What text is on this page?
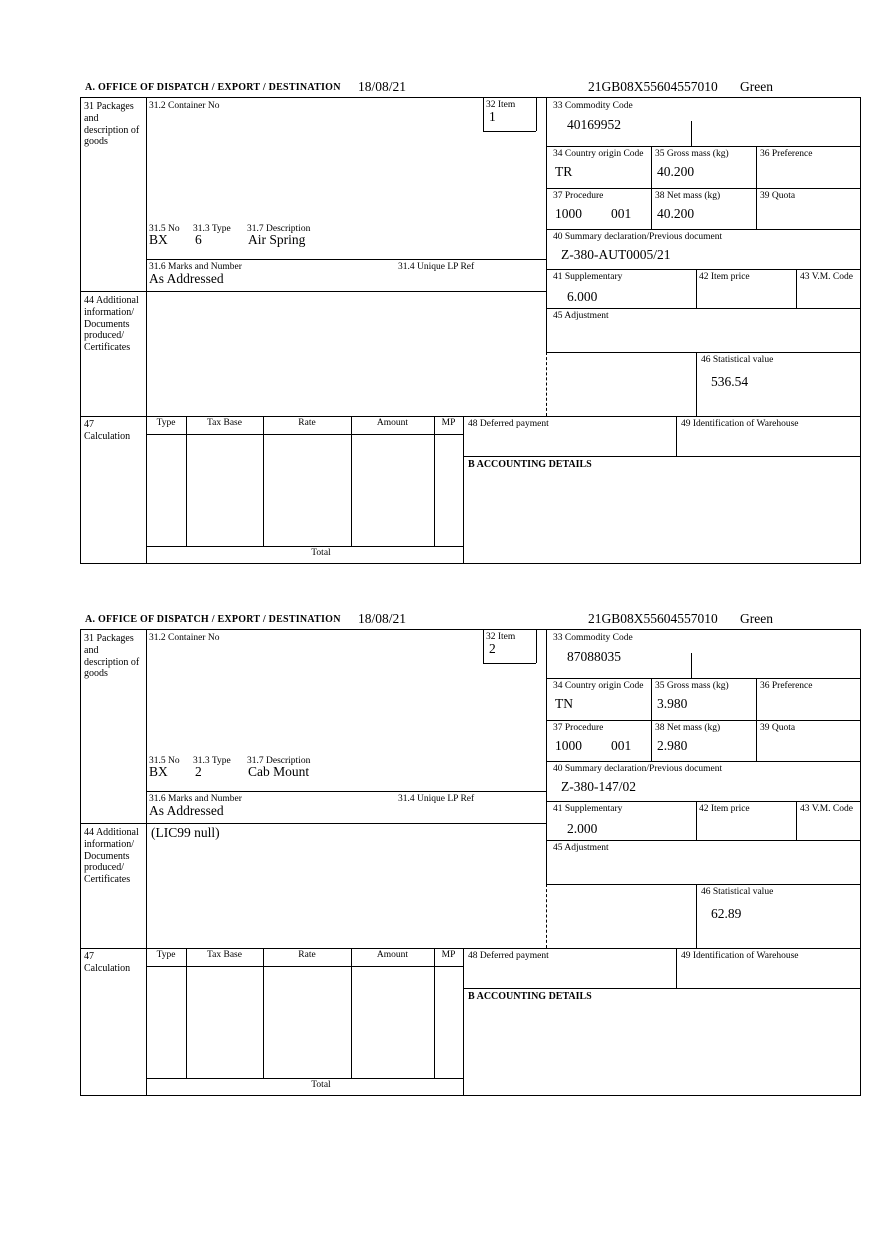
A. OFFICE OF DISPATCH / EXPORT / DESTINATION 18/08/21	21GB08X55604557010 Green
31 Packages and description of goods
31.2 Container No	32 Item
1
33 Commodity Code
40169952
34 Country origin Code
TR
35 Gross mass (kg)
40.200
36 Preference
37 Procedure
1000 001
38 Net mass (kg)
40.200
39 Quota
40 Summary declaration/Previous document
Z-380-AUT0005/21
31.5 No 31.3 Type 31.7 Description
BX 6	Air Spring
31.6 Marks and Number	31.4 Unique LP Ref
As Addressed	41 Supplementary
6.000
42 Item price	43 V.M. Code
44 Additional information/ Documents produced/ Certificates
45 Adjustment
46 Statistical value
536.54
47 Calculation
Type	Tax Base	Rate	Amount	MP
Total
48 Deferred payment	49 Identification of Warehouse
B ACCOUNTING DETAILS
A. OFFICE OF DISPATCH / EXPORT / DESTINATION 18/08/21	21GB08X55604557010 Green
31 Packages and description of goods
31.2 Container No	32 Item
2
33 Commodity Code
87088035
34 Country origin Code
TN
35 Gross mass (kg)
3.980
36 Preference
37 Procedure
1000 001
38 Net mass (kg)
2.980
39 Quota
40 Summary declaration/Previous document
Z-380-147/02
31.5 No 31.3 Type 31.7 Description
BX 2	Cab Mount
31.6 Marks and Number	31.4 Unique LP Ref
As Addressed	41 Supplementary
2.000
42 Item price	43 V.M. Code
44 Additional information/ Documents produced/ Certificates
(LIC99 null)
45 Adjustment
46 Statistical value
62.89
47 Calculation
Type	Tax Base	Rate	Amount	MP
Total
48 Deferred payment	49 Identification of Warehouse
B ACCOUNTING DETAILS
